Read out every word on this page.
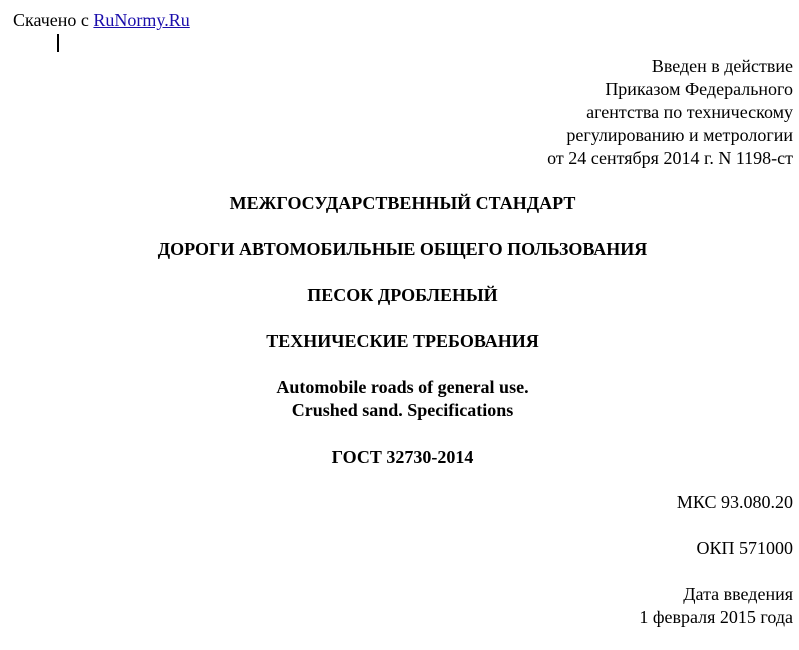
Скачено с RuNormy.Ru
Введен в действие
Приказом Федерального
агентства по техническому
регулированию и метрологии
от 24 сентября 2014 г. N 1198-ст
МЕЖГОСУДАРСТВЕННЫЙ СТАНДАРТ
ДОРОГИ АВТОМОБИЛЬНЫЕ ОБЩЕГО ПОЛЬЗОВАНИЯ
ПЕСОК ДРОБЛЕНЫЙ
ТЕХНИЧЕСКИЕ ТРЕБОВАНИЯ
Automobile roads of general use.
Crushed sand. Specifications
ГОСТ 32730-2014
МКС 93.080.20
ОКП 571000
Дата введения
1 февраля 2015 года
